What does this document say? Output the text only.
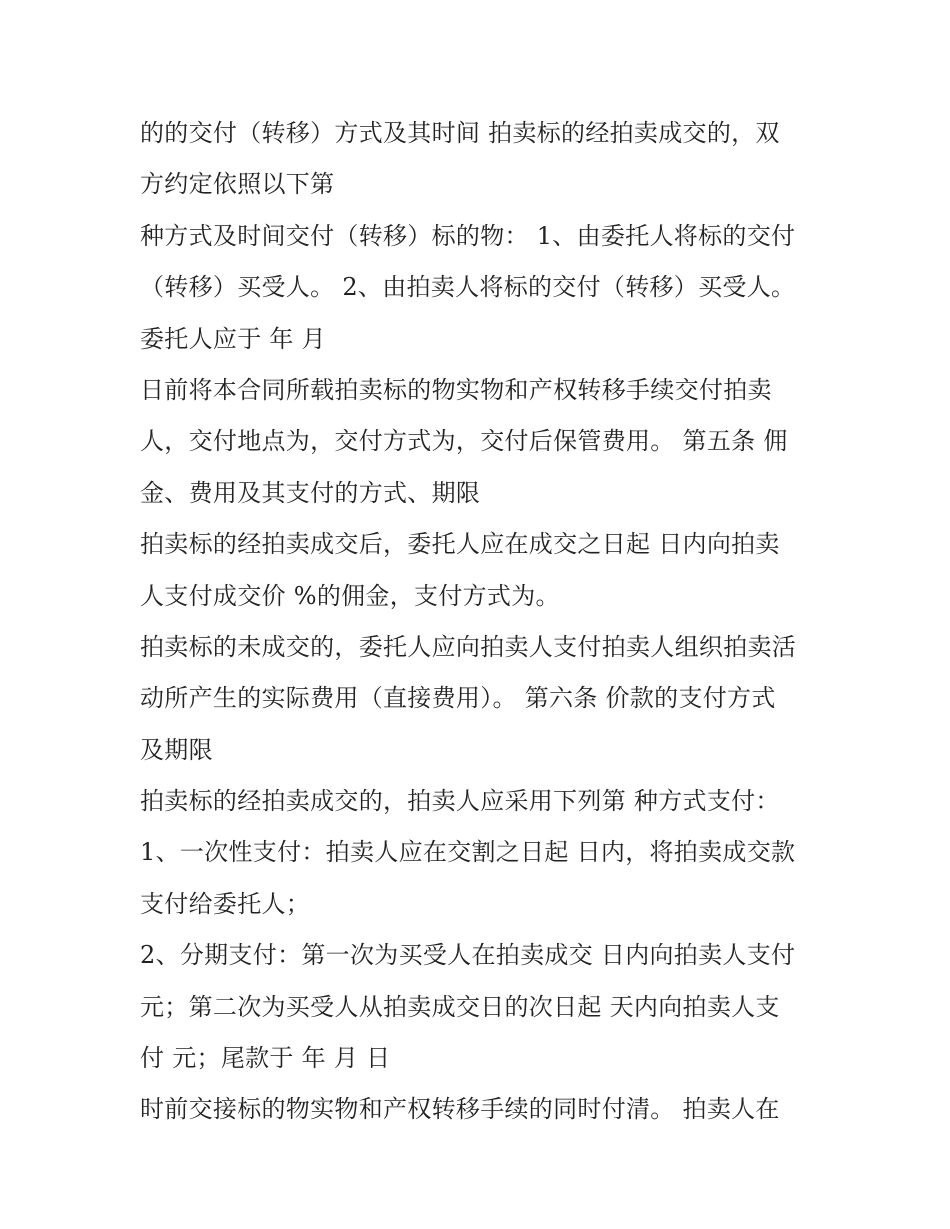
的的交付（转移）方式及其时间 拍卖标的经拍卖成交的，双
方约定依照以下第
种方式及时间交付（转移）标的物： 1、由委托人将标的交付
（转移）买受人。 2、由拍卖人将标的交付（转移）买受人。
委托人应于 年 月
日前将本合同所载拍卖标的物实物和产权转移手续交付拍卖
人，交付地点为，交付方式为，交付后保管费用。 第五条 佣
金、费用及其支付的方式、期限
拍卖标的经拍卖成交后，委托人应在成交之日起 日内向拍卖
人支付成交价 %的佣金，支付方式为。
拍卖标的未成交的，委托人应向拍卖人支付拍卖人组织拍卖活
动所产生的实际费用（直接费用）。 第六条 价款的支付方式
及期限
拍卖标的经拍卖成交的，拍卖人应采用下列第 种方式支付：
1、一次性支付：拍卖人应在交割之日起 日内，将拍卖成交款
支付给委托人；
2、分期支付：第一次为买受人在拍卖成交 日内向拍卖人支付
元；第二次为买受人从拍卖成交日的次日起 天内向拍卖人支
付 元；尾款于 年 月 日
时前交接标的物实物和产权转移手续的同时付清。 拍卖人在
